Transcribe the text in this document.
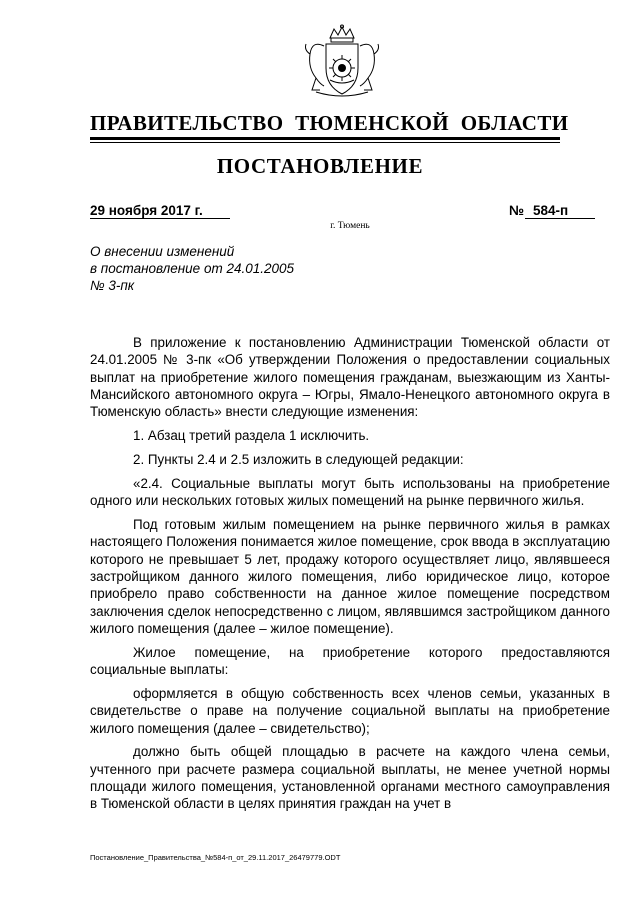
ПРАВИТЕЛЬСТВО ТЮМЕНСКОЙ ОБЛАСТИ
ПОСТАНОВЛЕНИЕ
29 ноября 2017 г.	№ 584-п
г. Тюмень
О внесении изменений
в постановление от 24.01.2005
№ 3-пк

В приложение к постановлению Администрации Тюменской области от 24.01.2005 № 3-пк «Об утверждении Положения о предоставлении социальных выплат на приобретение жилого помещения гражданам, выезжающим из Ханты-Мансийского автономного округа – Югры, Ямало-Ненецкого автономного округа в Тюменскую область» внести следующие изменения:

1. Абзац третий раздела 1 исключить.

2. Пункты 2.4 и 2.5 изложить в следующей редакции:

«2.4. Социальные выплаты могут быть использованы на приобретение одного или нескольких готовых жилых помещений на рынке первичного жилья.

Под готовым жилым помещением на рынке первичного жилья в рамках настоящего Положения понимается жилое помещение, срок ввода в эксплуатацию которого не превышает 5 лет, продажу которого осуществляет лицо, являвшееся застройщиком данного жилого помещения, либо юридическое лицо, которое приобрело право собственности на данное жилое помещение посредством заключения сделок непосредственно с лицом, являвшимся застройщиком данного жилого помещения (далее – жилое помещение).

Жилое помещение, на приобретение которого предоставляются социальные выплаты:

оформляется в общую собственность всех членов семьи, указанных в свидетельстве о праве на получение социальной выплаты на приобретение жилого помещения (далее – свидетельство);

должно быть общей площадью в расчете на каждого члена семьи, учтенного при расчете размера социальной выплаты, не менее учетной нормы площади жилого помещения, установленной органами местного самоуправления в Тюменской области в целях принятия граждан на учет в

Постановление_Правительства_№584-п_от_29.11.2017_26479779.ODT
